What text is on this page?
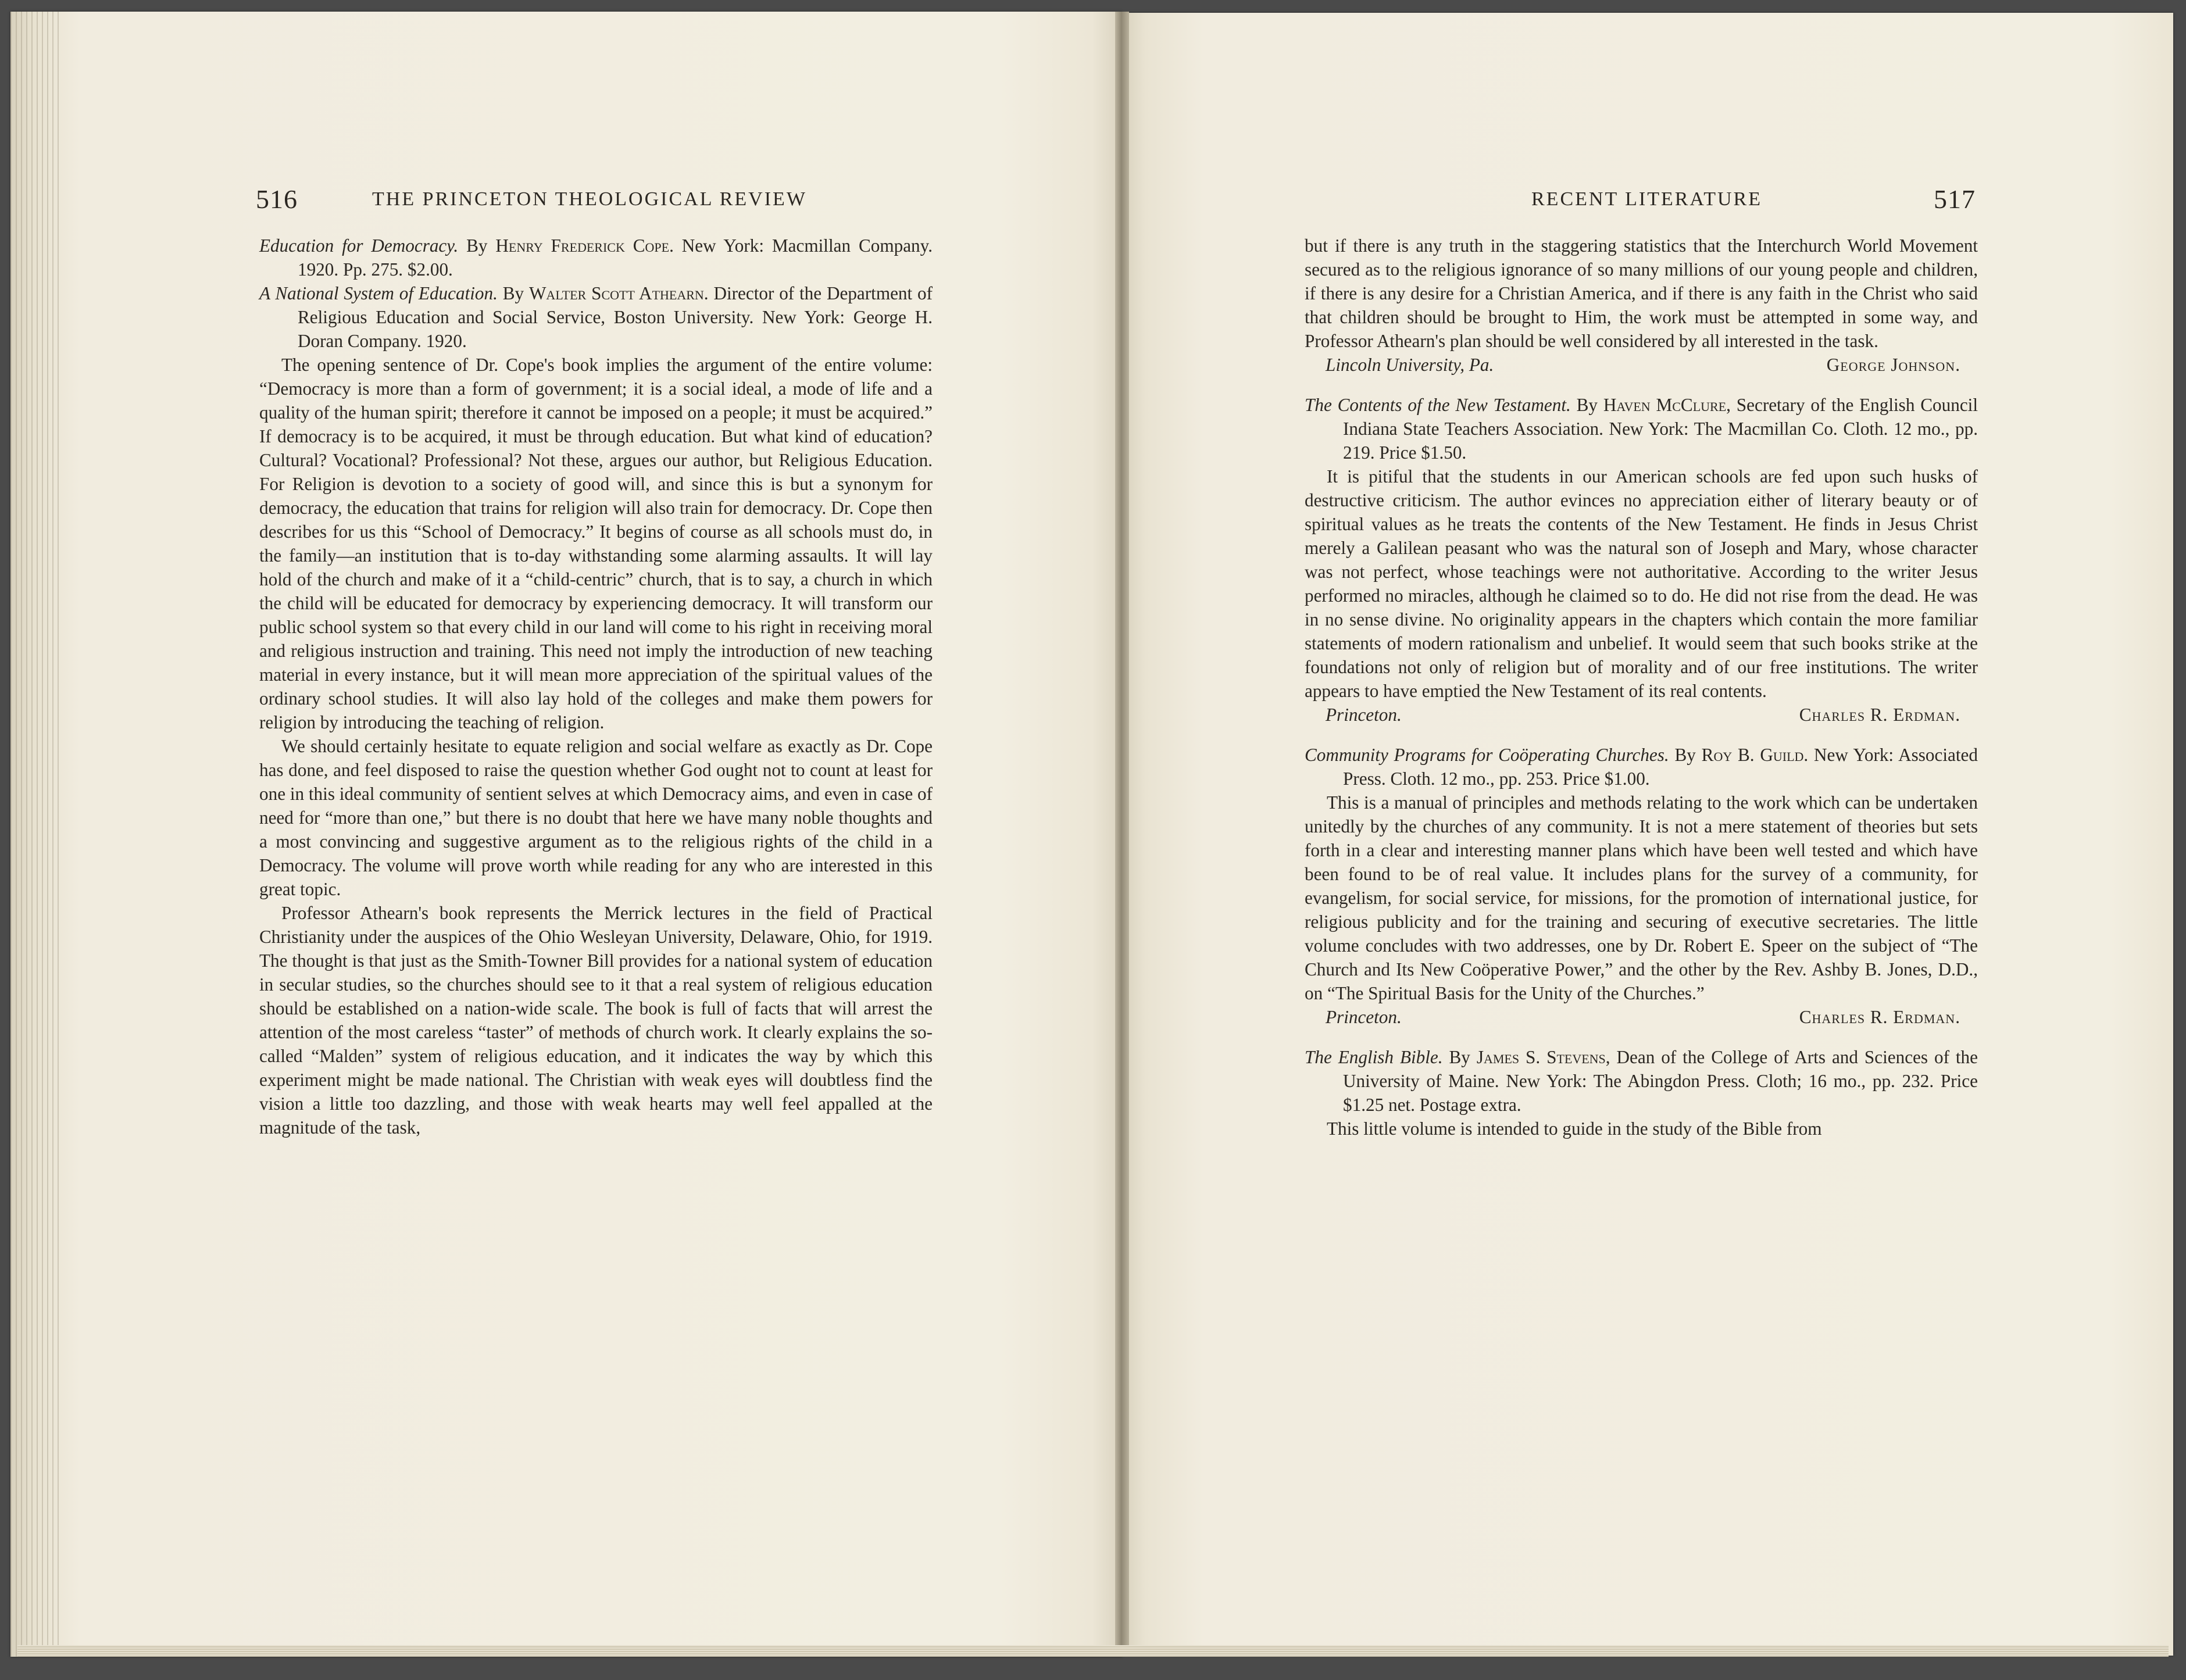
516	THE PRINCETON THEOLOGICAL REVIEW	RECENT LITERATURE	517

Education for Democracy. By Henry Frederick Cope. New York: Macmillan Company. 1920. Pp. 275. $2.00.

A National System of Education. By Walter Scott Athearn. Director of the Department of Religious Education and Social Service, Boston University. New York: George H. Doran Company. 1920.

The opening sentence of Dr. Cope's book implies the argument of the entire volume: “Democracy is more than a form of government; it is a social ideal, a mode of life and a quality of the human spirit; therefore it cannot be imposed on a people; it must be acquired.” If democracy is to be acquired, it must be through education. But what kind of education? Cultural? Vocational? Professional? Not these, argues our author, but Religious Education. For Religion is devotion to a society of good will, and since this is but a synonym for democracy, the education that trains for religion will also train for democracy. Dr. Cope then describes for us this “School of Democracy.” It begins of course as all schools must do, in the family—an institution that is to-day withstanding some alarming assaults. It will lay hold of the church and make of it a “child-centric” church, that is to say, a church in which the child will be educated for democracy by experiencing democracy. It will transform our public school system so that every child in our land will come to his right in receiving moral and religious instruction and training. This need not imply the introduction of new teaching material in every instance, but it will mean more appreciation of the spiritual values of the ordinary school studies. It will also lay hold of the colleges and make them powers for religion by introducing the teaching of religion.

We should certainly hesitate to equate religion and social welfare as exactly as Dr. Cope has done, and feel disposed to raise the question whether God ought not to count at least for one in this ideal community of sentient selves at which Democracy aims, and even in case of need for “more than one,” but there is no doubt that here we have many noble thoughts and a most convincing and suggestive argument as to the religious rights of the child in a Democracy. The volume will prove worth while reading for any who are interested in this great topic.

Professor Athearn's book represents the Merrick lectures in the field of Practical Christianity under the auspices of the Ohio Wesleyan University, Delaware, Ohio, for 1919. The thought is that just as the Smith-Towner Bill provides for a national system of education in secular studies, so the churches should see to it that a real system of religious education should be established on a nation-wide scale. The book is full of facts that will arrest the attention of the most careless “taster” of methods of church work. It clearly explains the so-called “Malden” system of religious education, and it indicates the way by which this experiment might be made national. The Christian with weak eyes will doubtless find the vision a little too dazzling, and those with weak hearts may well feel appalled at the magnitude of the task,

but if there is any truth in the staggering statistics that the Interchurch World Movement secured as to the religious ignorance of so many millions of our young people and children, if there is any desire for a Christian America, and if there is any faith in the Christ who said that children should be brought to Him, the work must be attempted in some way, and Professor Athearn's plan should be well considered by all interested in the task.

Lincoln University, Pa.	George Johnson.

The Contents of the New Testament. By Haven McClure, Secretary of the English Council Indiana State Teachers Association. New York: The Macmillan Co. Cloth. 12 mo., pp. 219. Price $1.50.

It is pitiful that the students in our American schools are fed upon such husks of destructive criticism. The author evinces no appreciation either of literary beauty or of spiritual values as he treats the contents of the New Testament. He finds in Jesus Christ merely a Galilean peasant who was the natural son of Joseph and Mary, whose character was not perfect, whose teachings were not authoritative. According to the writer Jesus performed no miracles, although he claimed so to do. He did not rise from the dead. He was in no sense divine. No originality appears in the chapters which contain the more familiar statements of modern rationalism and unbelief. It would seem that such books strike at the foundations not only of religion but of morality and of our free institutions. The writer appears to have emptied the New Testament of its real contents.

Princeton.	Charles R. Erdman.

Community Programs for Coöperating Churches. By Roy B. Guild. New York: Associated Press. Cloth. 12 mo., pp. 253. Price $1.00.

This is a manual of principles and methods relating to the work which can be undertaken unitedly by the churches of any community. It is not a mere statement of theories but sets forth in a clear and interesting manner plans which have been well tested and which have been found to be of real value. It includes plans for the survey of a community, for evangelism, for social service, for missions, for the promotion of international justice, for religious publicity and for the training and securing of executive secretaries. The little volume concludes with two addresses, one by Dr. Robert E. Speer on the subject of “The Church and Its New Coöperative Power,” and the other by the Rev. Ashby B. Jones, D.D., on “The Spiritual Basis for the Unity of the Churches.”

Princeton.	Charles R. Erdman.

The English Bible. By James S. Stevens, Dean of the College of Arts and Sciences of the University of Maine. New York: The Abingdon Press. Cloth; 16 mo., pp. 232. Price $1.25 net. Postage extra.

This little volume is intended to guide in the study of the Bible from
